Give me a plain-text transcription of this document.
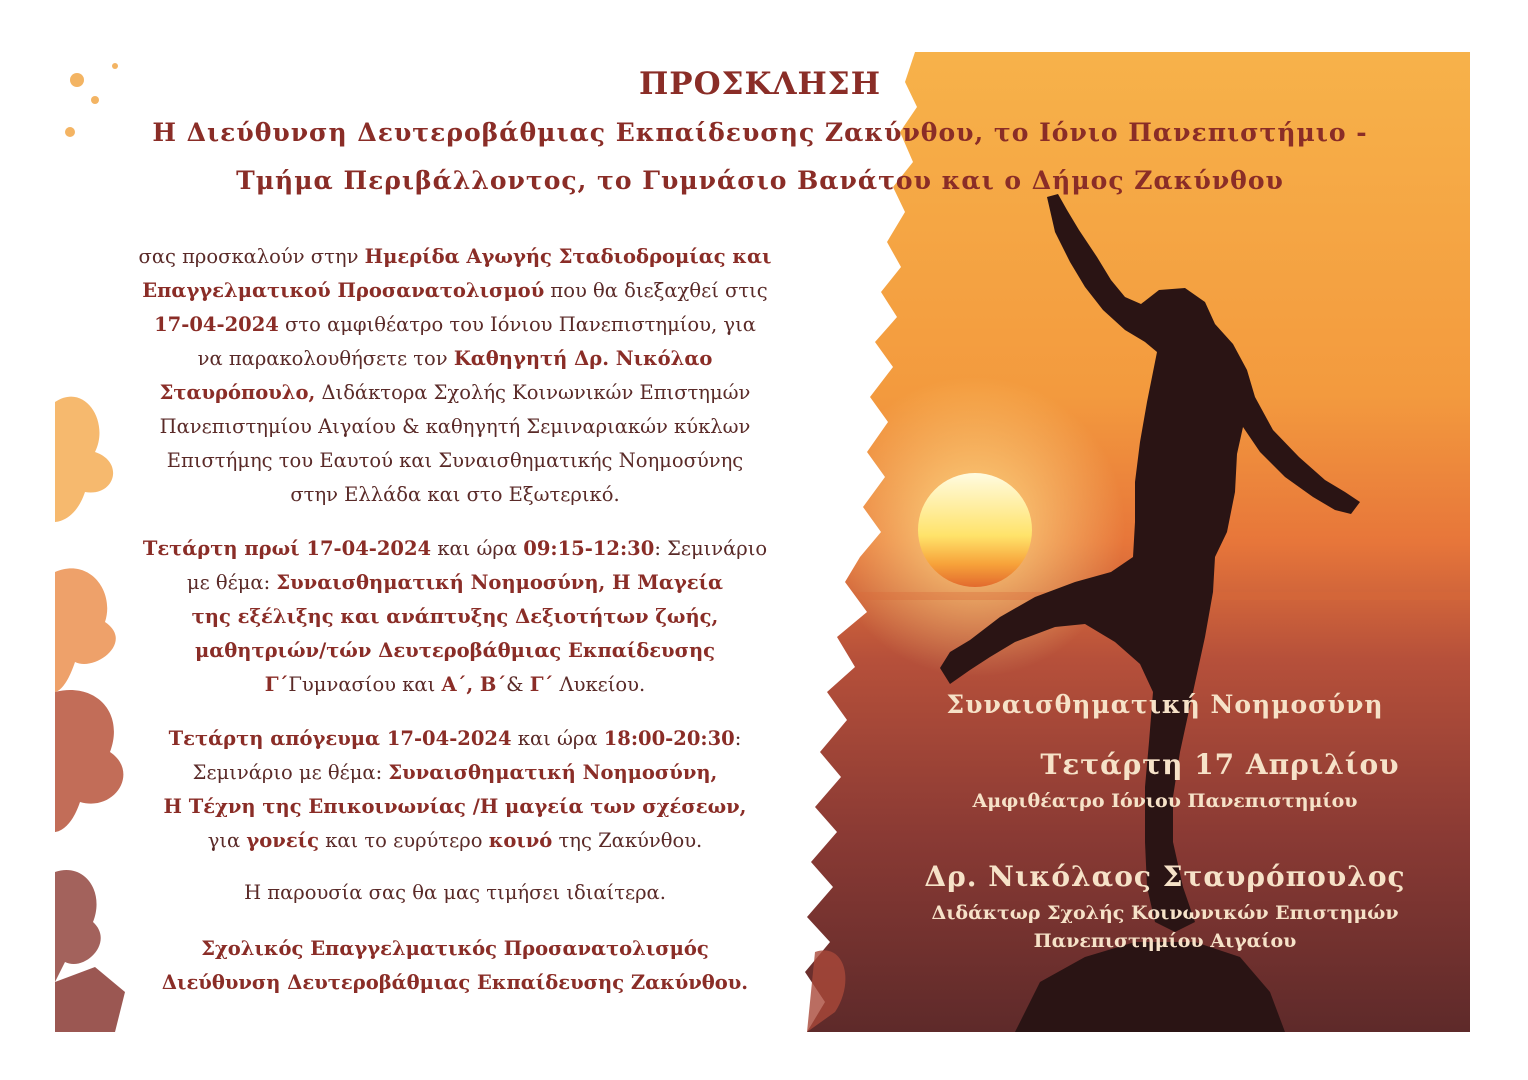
ΠΡΟΣΚΛΗΣΗ

Η Διεύθυνση Δευτεροβάθμιας Εκπαίδευσης Ζακύνθου, το Ιόνιο Πανεπιστήμιο -

Τμήμα Περιβάλλοντος, το Γυμνάσιο Βανάτου και ο Δήμος Ζακύνθου

σας προσκαλούν στην Ημερίδα Αγωγής Σταδιοδρομίας και
Επαγγελματικού Προσανατολισμού που θα διεξαχθεί στις
17-04-2024 στο αμφιθέατρο του Ιόνιου Πανεπιστημίου, για
να παρακολουθήσετε τον Καθηγητή Δρ. Νικόλαο
Σταυρόπουλο, Διδάκτορα Σχολής Κοινωνικών Επιστημών
Πανεπιστημίου Αιγαίου & καθηγητή Σεμιναριακών κύκλων
Επιστήμης του Εαυτού και Συναισθηματικής Νοημοσύνης
στην Ελλάδα και στο Εξωτερικό.
Τετάρτη πρωί 17-04-2024 και ώρα 09:15-12:30: Σεμινάριο
με θέμα: Συναισθηματική Νοημοσύνη, Η Μαγεία
της εξέλιξης και ανάπτυξης Δεξιοτήτων ζωής,
μαθητριών/τών Δευτεροβάθμιας Εκπαίδευσης
Γ΄Γυμνασίου και Α΄, Β΄& Γ΄ Λυκείου.
Τετάρτη απόγευμα 17-04-2024 και ώρα 18:00-20:30:
Σεμινάριο με θέμα: Συναισθηματική Νοημοσύνη,
Η Τέχνη της Επικοινωνίας /Η μαγεία των σχέσεων,
για γονείς και το ευρύτερο κοινό της Ζακύνθου.
Η παρουσία σας θα μας τιμήσει ιδιαίτερα.
Σχολικός Επαγγελματικός Προσανατολισμός
Διεύθυνση Δευτεροβάθμιας Εκπαίδευσης Ζακύνθου.
Συναισθηματική Νοημοσύνη
Τετάρτη 17 Απριλίου
Αμφιθέατρο Ιόνιου Πανεπιστημίου
Δρ. Νικόλαος Σταυρόπουλος
Διδάκτωρ Σχολής Κοινωνικών Επιστημών
Πανεπιστημίου Αιγαίου
